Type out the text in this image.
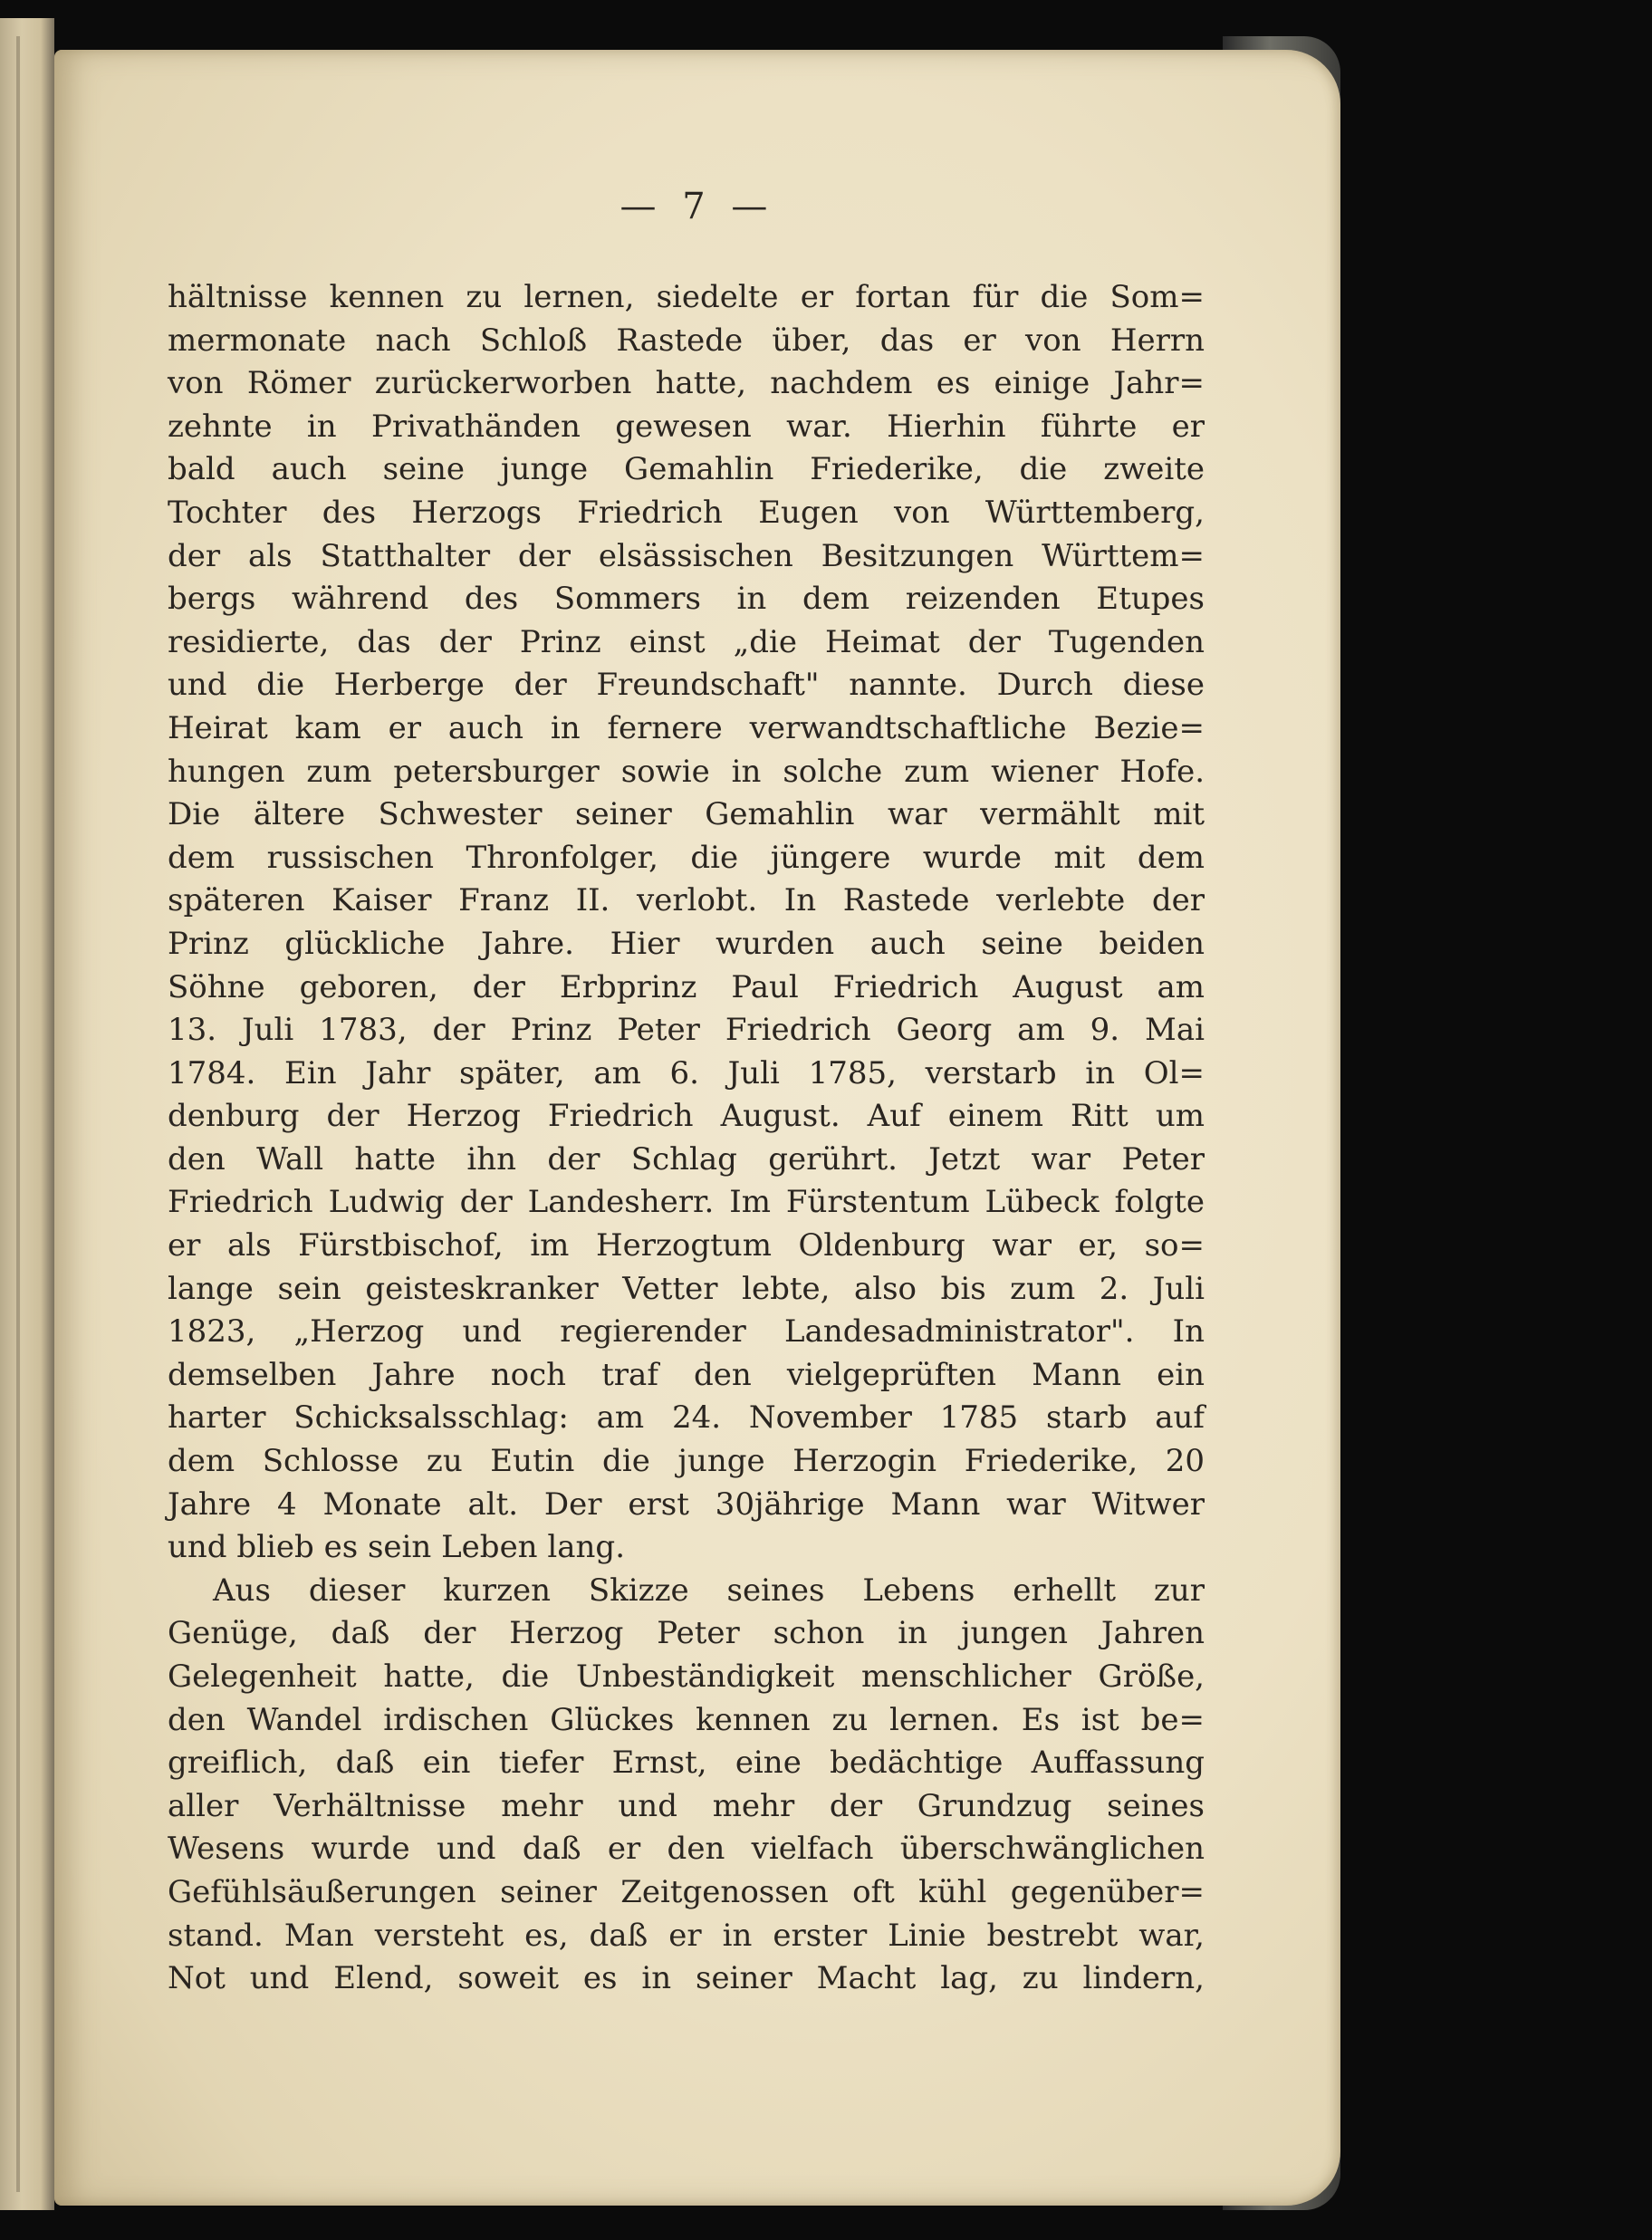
— 7 —
hältnisse kennen zu lernen, siedelte er fortan für die Som=
mermonate nach Schloß Rastede über, das er von Herrn
von Römer zurückerworben hatte, nachdem es einige Jahr=
zehnte in Privathänden gewesen war. Hierhin führte er
bald auch seine junge Gemahlin Friederike, die zweite
Tochter des Herzogs Friedrich Eugen von Württemberg,
der als Statthalter der elsässischen Besitzungen Württem=
bergs während des Sommers in dem reizenden Etupes
residierte, das der Prinz einst „die Heimat der Tugenden
und die Herberge der Freundschaft" nannte. Durch diese
Heirat kam er auch in fernere verwandtschaftliche Bezie=
hungen zum petersburger sowie in solche zum wiener Hofe.
Die ältere Schwester seiner Gemahlin war vermählt mit
dem russischen Thronfolger, die jüngere wurde mit dem
späteren Kaiser Franz II. verlobt. In Rastede verlebte der
Prinz glückliche Jahre. Hier wurden auch seine beiden
Söhne geboren, der Erbprinz Paul Friedrich August am
13. Juli 1783, der Prinz Peter Friedrich Georg am 9. Mai
1784. Ein Jahr später, am 6. Juli 1785, verstarb in Ol=
denburg der Herzog Friedrich August. Auf einem Ritt um
den Wall hatte ihn der Schlag gerührt. Jetzt war Peter
Friedrich Ludwig der Landesherr. Im Fürstentum Lübeck folgte
er als Fürstbischof, im Herzogtum Oldenburg war er, so=
lange sein geisteskranker Vetter lebte, also bis zum 2. Juli
1823, „Herzog und regierender Landesadministrator". In
demselben Jahre noch traf den vielgeprüften Mann ein
harter Schicksalsschlag: am 24. November 1785 starb auf
dem Schlosse zu Eutin die junge Herzogin Friederike, 20
Jahre 4 Monate alt. Der erst 30jährige Mann war Witwer
und blieb es sein Leben lang.
Aus dieser kurzen Skizze seines Lebens erhellt zur
Genüge, daß der Herzog Peter schon in jungen Jahren
Gelegenheit hatte, die Unbeständigkeit menschlicher Größe,
den Wandel irdischen Glückes kennen zu lernen. Es ist be=
greiflich, daß ein tiefer Ernst, eine bedächtige Auffassung
aller Verhältnisse mehr und mehr der Grundzug seines
Wesens wurde und daß er den vielfach überschwänglichen
Gefühlsäußerungen seiner Zeitgenossen oft kühl gegenüber=
stand. Man versteht es, daß er in erster Linie bestrebt war,
Not und Elend, soweit es in seiner Macht lag, zu lindern,
